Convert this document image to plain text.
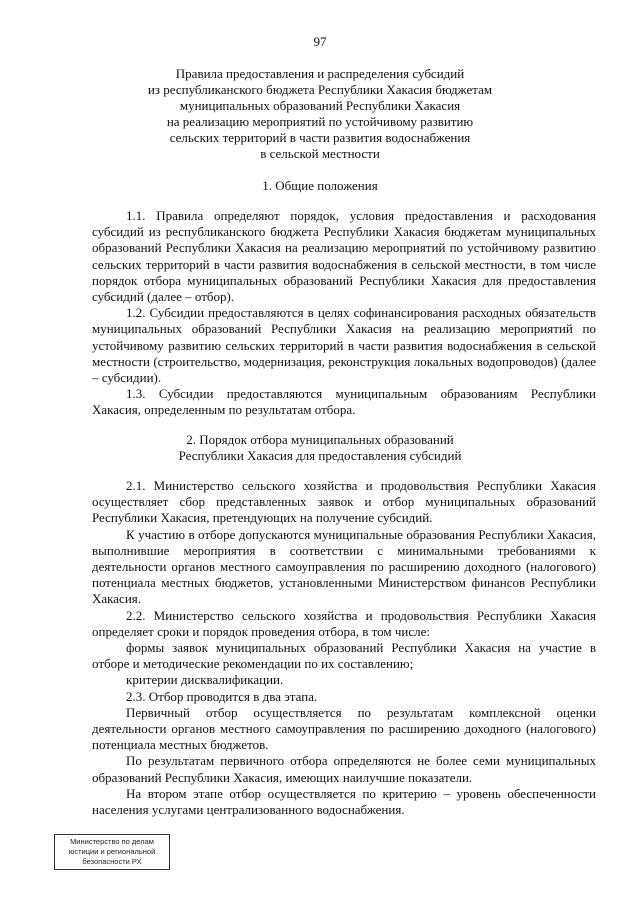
97
Правила предоставления и распределения субсидий
из республиканского бюджета Республики Хакасия бюджетам
муниципальных образований Республики Хакасия
на реализацию мероприятий по устойчивому развитию
сельских территорий в части развития водоснабжения
в сельской местности
1. Общие положения

1.1. Правила определяют порядок, условия предоставления и расходования субсидий из республиканского бюджета Республики Хакасия бюджетам муниципальных образований Республики Хакасия на реализацию мероприятий по устойчивому развитию сельских территорий в части развития водоснабжения в сельской местности, в том числе порядок отбора муниципальных образований Республики Хакасия для предоставления субсидий (далее – отбор).

1.2. Субсидии предоставляются в целях софинансирования расходных обязательств муниципальных образований Республики Хакасия на реализацию мероприятий по устойчивому развитию сельских территорий в части развития водоснабжения в сельской местности (строительство, модернизация, реконструкция локальных водопроводов) (далее – субсидии).

1.3. Субсидии предоставляются муниципальным образованиям Республики Хакасия, определенным по результатам отбора.

2. Порядок отбора муниципальных образований
Республики Хакасия для предоставления субсидий

2.1. Министерство сельского хозяйства и продовольствия Республики Хакасия осуществляет сбор представленных заявок и отбор муниципальных образований Республики Хакасия, претендующих на получение субсидий.

К участию в отборе допускаются муниципальные образования Республики Хакасия, выполнившие мероприятия в соответствии с минимальными требованиями к деятельности органов местного самоуправления по расширению доходного (налогового) потенциала местных бюджетов, установленными Министерством финансов Республики Хакасия.

2.2. Министерство сельского хозяйства и продовольствия Республики Хакасия определяет сроки и порядок проведения отбора, в том числе:

формы заявок муниципальных образований Республики Хакасия на участие в отборе и методические рекомендации по их составлению;

критерии дисквалификации.

2.3. Отбор проводится в два этапа.

Первичный отбор осуществляется по результатам комплексной оценки деятельности органов местного самоуправления по расширению доходного (налогового) потенциала местных бюджетов.

По результатам первичного отбора определяются не более семи муниципальных образований Республики Хакасия, имеющих наилучшие показатели.

На втором этапе отбор осуществляется по критерию – уровень обеспеченности населения услугами централизованного водоснабжения.

Министерство по делам
юстиции и региональной
безопасности РХ
